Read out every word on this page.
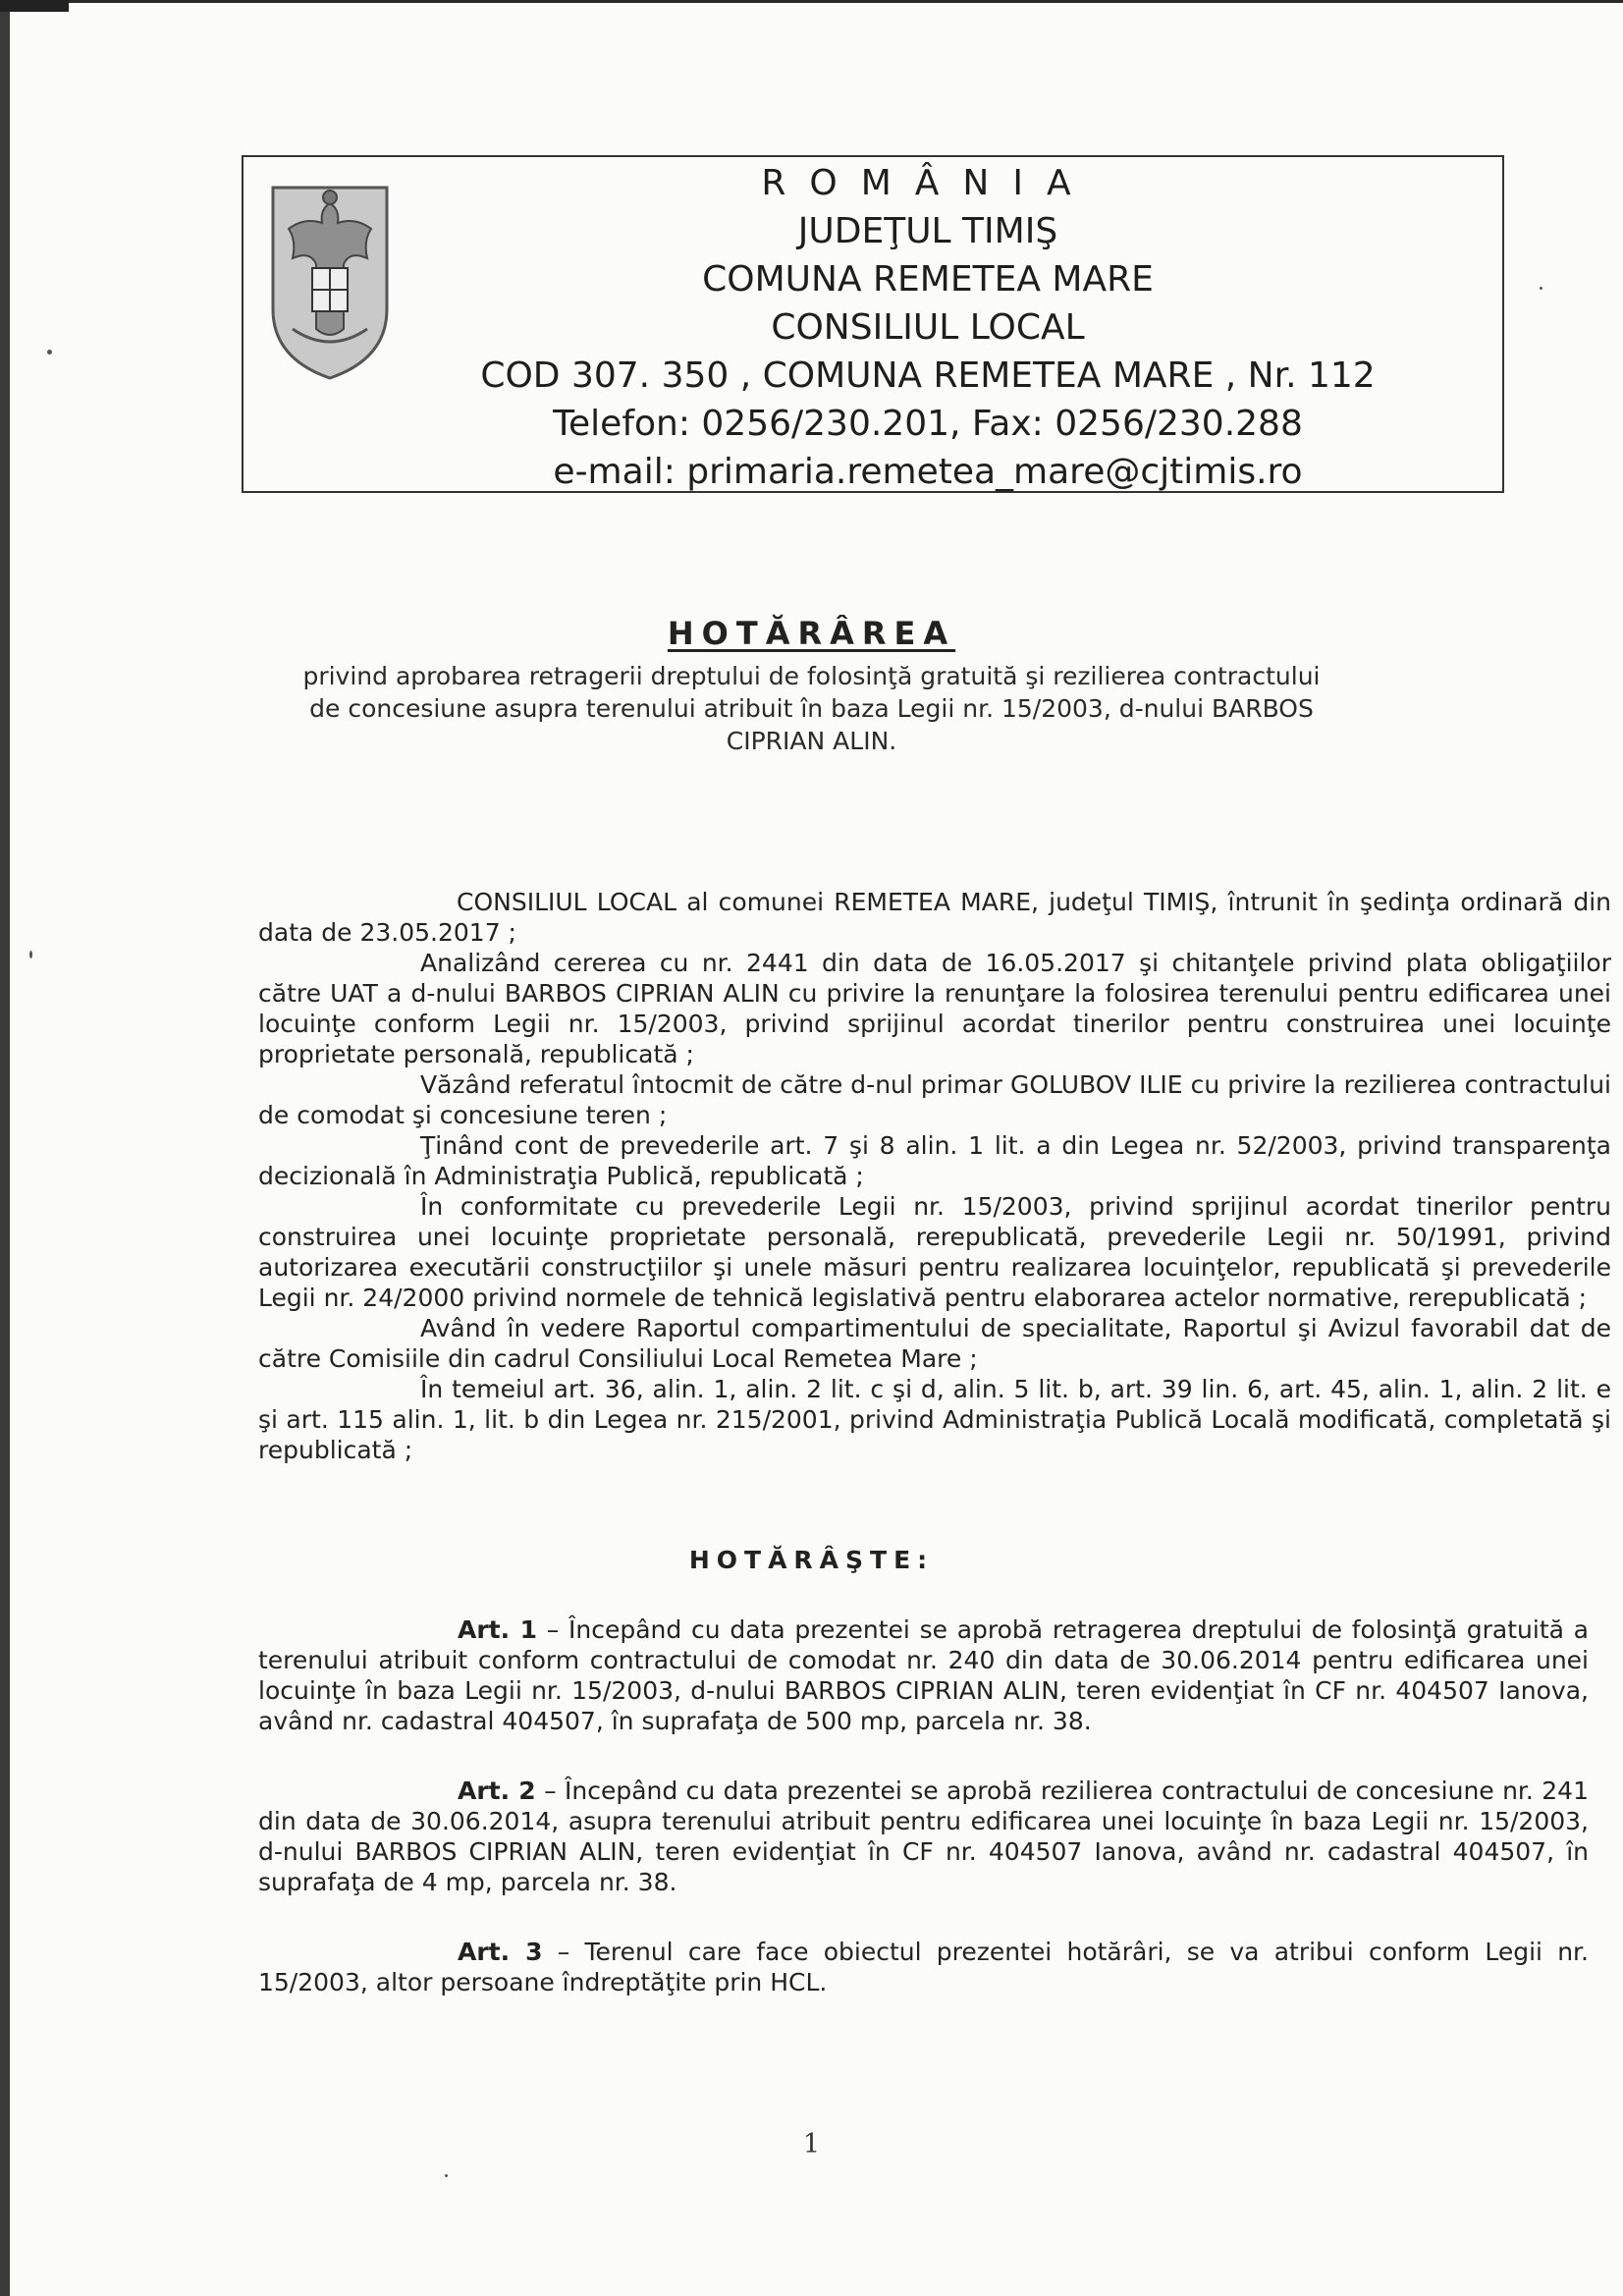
ROMÂNIA
JUDEŢUL TIMIŞ
COMUNA REMETEA MARE
CONSILIUL LOCAL
COD 307. 350 , COMUNA REMETEA MARE , Nr. 112
Telefon: 0256/230.201, Fax: 0256/230.288
e-mail: primaria.remetea_mare@cjtimis.ro
HOTĂRÂREA
privind aprobarea retragerii dreptului de folosinţă gratuită şi rezilierea contractului de concesiune asupra terenului atribuit în baza Legii nr. 15/2003, d-nului BARBOS CIPRIAN ALIN.

CONSILIUL LOCAL al comunei REMETEA MARE, judeţul TIMIŞ, întrunit în şedinţa ordinară din data de 23.05.2017 ;

Analizând cererea cu nr. 2441 din data de 16.05.2017 şi chitanţele privind plata obligaţiilor către UAT a d-nului BARBOS CIPRIAN ALIN cu privire la renunţare la folosirea terenului pentru edificarea unei locuinţe conform Legii nr. 15/2003, privind sprijinul acordat tinerilor pentru construirea unei locuinţe proprietate personală, republicată ;

Văzând referatul întocmit de către d-nul primar GOLUBOV ILIE cu privire la rezilierea contractului de comodat şi concesiune teren ;

Ţinând cont de prevederile art. 7 şi 8 alin. 1 lit. a din Legea nr. 52/2003, privind transparenţa decizională în Administraţia Publică, republicată ;

În conformitate cu prevederile Legii nr. 15/2003, privind sprijinul acordat tinerilor pentru construirea unei locuinţe proprietate personală, rerepublicată, prevederile Legii nr. 50/1991, privind autorizarea executării construcţiilor şi unele măsuri pentru realizarea locuinţelor, republicată şi prevederile Legii nr. 24/2000 privind normele de tehnică legislativă pentru elaborarea actelor normative, rerepublicată ;

Având în vedere Raportul compartimentului de specialitate, Raportul şi Avizul favorabil dat de către Comisiile din cadrul Consiliului Local Remetea Mare ;

În temeiul art. 36, alin. 1, alin. 2 lit. c şi d, alin. 5 lit. b, art. 39 lin. 6, art. 45, alin. 1, alin. 2 lit. e şi art. 115 alin. 1, lit. b din Legea nr. 215/2001, privind Administraţia Publică Locală modificată, completată şi republicată ;

HOTĂRÂŞTE:

Art. 1 – Începând cu data prezentei se aprobă retragerea dreptului de folosinţă gratuită a terenului atribuit conform contractului de comodat nr. 240 din data de 30.06.2014 pentru edificarea unei locuinţe în baza Legii nr. 15/2003, d-nului BARBOS CIPRIAN ALIN, teren evidenţiat în CF nr. 404507 Ianova, având nr. cadastral 404507, în suprafaţa de 500 mp, parcela nr. 38.

Art. 2 – Începând cu data prezentei se aprobă rezilierea contractului de concesiune nr. 241 din data de 30.06.2014, asupra terenului atribuit pentru edificarea unei locuinţe în baza Legii nr. 15/2003, d-nului BARBOS CIPRIAN ALIN, teren evidenţiat în CF nr. 404507 Ianova, având nr. cadastral 404507, în suprafaţa de 4 mp, parcela nr. 38.

Art. 3 – Terenul care face obiectul prezentei hotărâri, se va atribui conform Legii nr. 15/2003, altor persoane îndreptăţite prin HCL.

1
